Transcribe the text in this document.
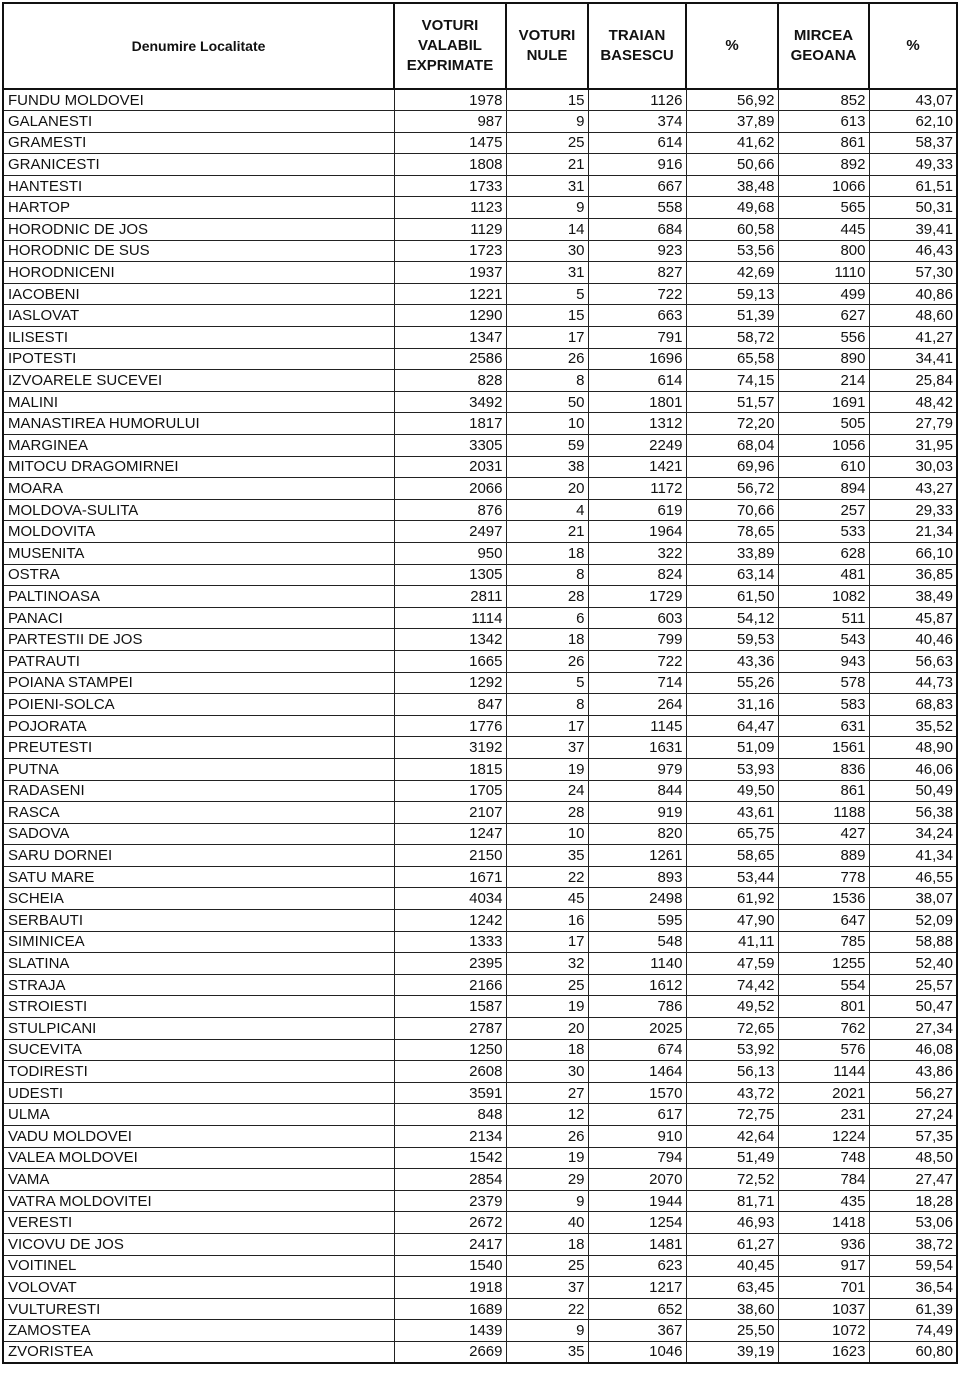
Denumire Localitate	VOTURI VALABIL EXPRIMATE	VOTURI NULE	TRAIAN BASESCU	%	MIRCEA GEOANA	%
FUNDU MOLDOVEI	1978	15	1126	56,92	852	43,07
GALANESTI	987	9	374	37,89	613	62,10
GRAMESTI	1475	25	614	41,62	861	58,37
GRANICESTI	1808	21	916	50,66	892	49,33
HANTESTI	1733	31	667	38,48	1066	61,51
HARTOP	1123	9	558	49,68	565	50,31
HORODNIC DE JOS	1129	14	684	60,58	445	39,41
HORODNIC DE SUS	1723	30	923	53,56	800	46,43
HORODNICENI	1937	31	827	42,69	1110	57,30
IACOBENI	1221	5	722	59,13	499	40,86
IASLOVAT	1290	15	663	51,39	627	48,60
ILISESTI	1347	17	791	58,72	556	41,27
IPOTESTI	2586	26	1696	65,58	890	34,41
IZVOARELE SUCEVEI	828	8	614	74,15	214	25,84
MALINI	3492	50	1801	51,57	1691	48,42
MANASTIREA HUMORULUI	1817	10	1312	72,20	505	27,79
MARGINEA	3305	59	2249	68,04	1056	31,95
MITOCU DRAGOMIRNEI	2031	38	1421	69,96	610	30,03
MOARA	2066	20	1172	56,72	894	43,27
MOLDOVA-SULITA	876	4	619	70,66	257	29,33
MOLDOVITA	2497	21	1964	78,65	533	21,34
MUSENITA	950	18	322	33,89	628	66,10
OSTRA	1305	8	824	63,14	481	36,85
PALTINOASA	2811	28	1729	61,50	1082	38,49
PANACI	1114	6	603	54,12	511	45,87
PARTESTII DE JOS	1342	18	799	59,53	543	40,46
PATRAUTI	1665	26	722	43,36	943	56,63
POIANA STAMPEI	1292	5	714	55,26	578	44,73
POIENI-SOLCA	847	8	264	31,16	583	68,83
POJORATA	1776	17	1145	64,47	631	35,52
PREUTESTI	3192	37	1631	51,09	1561	48,90
PUTNA	1815	19	979	53,93	836	46,06
RADASENI	1705	24	844	49,50	861	50,49
RASCA	2107	28	919	43,61	1188	56,38
SADOVA	1247	10	820	65,75	427	34,24
SARU DORNEI	2150	35	1261	58,65	889	41,34
SATU MARE	1671	22	893	53,44	778	46,55
SCHEIA	4034	45	2498	61,92	1536	38,07
SERBAUTI	1242	16	595	47,90	647	52,09
SIMINICEA	1333	17	548	41,11	785	58,88
SLATINA	2395	32	1140	47,59	1255	52,40
STRAJA	2166	25	1612	74,42	554	25,57
STROIESTI	1587	19	786	49,52	801	50,47
STULPICANI	2787	20	2025	72,65	762	27,34
SUCEVITA	1250	18	674	53,92	576	46,08
TODIRESTI	2608	30	1464	56,13	1144	43,86
UDESTI	3591	27	1570	43,72	2021	56,27
ULMA	848	12	617	72,75	231	27,24
VADU MOLDOVEI	2134	26	910	42,64	1224	57,35
VALEA MOLDOVEI	1542	19	794	51,49	748	48,50
VAMA	2854	29	2070	72,52	784	27,47
VATRA MOLDOVITEI	2379	9	1944	81,71	435	18,28
VERESTI	2672	40	1254	46,93	1418	53,06
VICOVU DE JOS	2417	18	1481	61,27	936	38,72
VOITINEL	1540	25	623	40,45	917	59,54
VOLOVAT	1918	37	1217	63,45	701	36,54
VULTURESTI	1689	22	652	38,60	1037	61,39
ZAMOSTEA	1439	9	367	25,50	1072	74,49
ZVORISTEA	2669	35	1046	39,19	1623	60,80
